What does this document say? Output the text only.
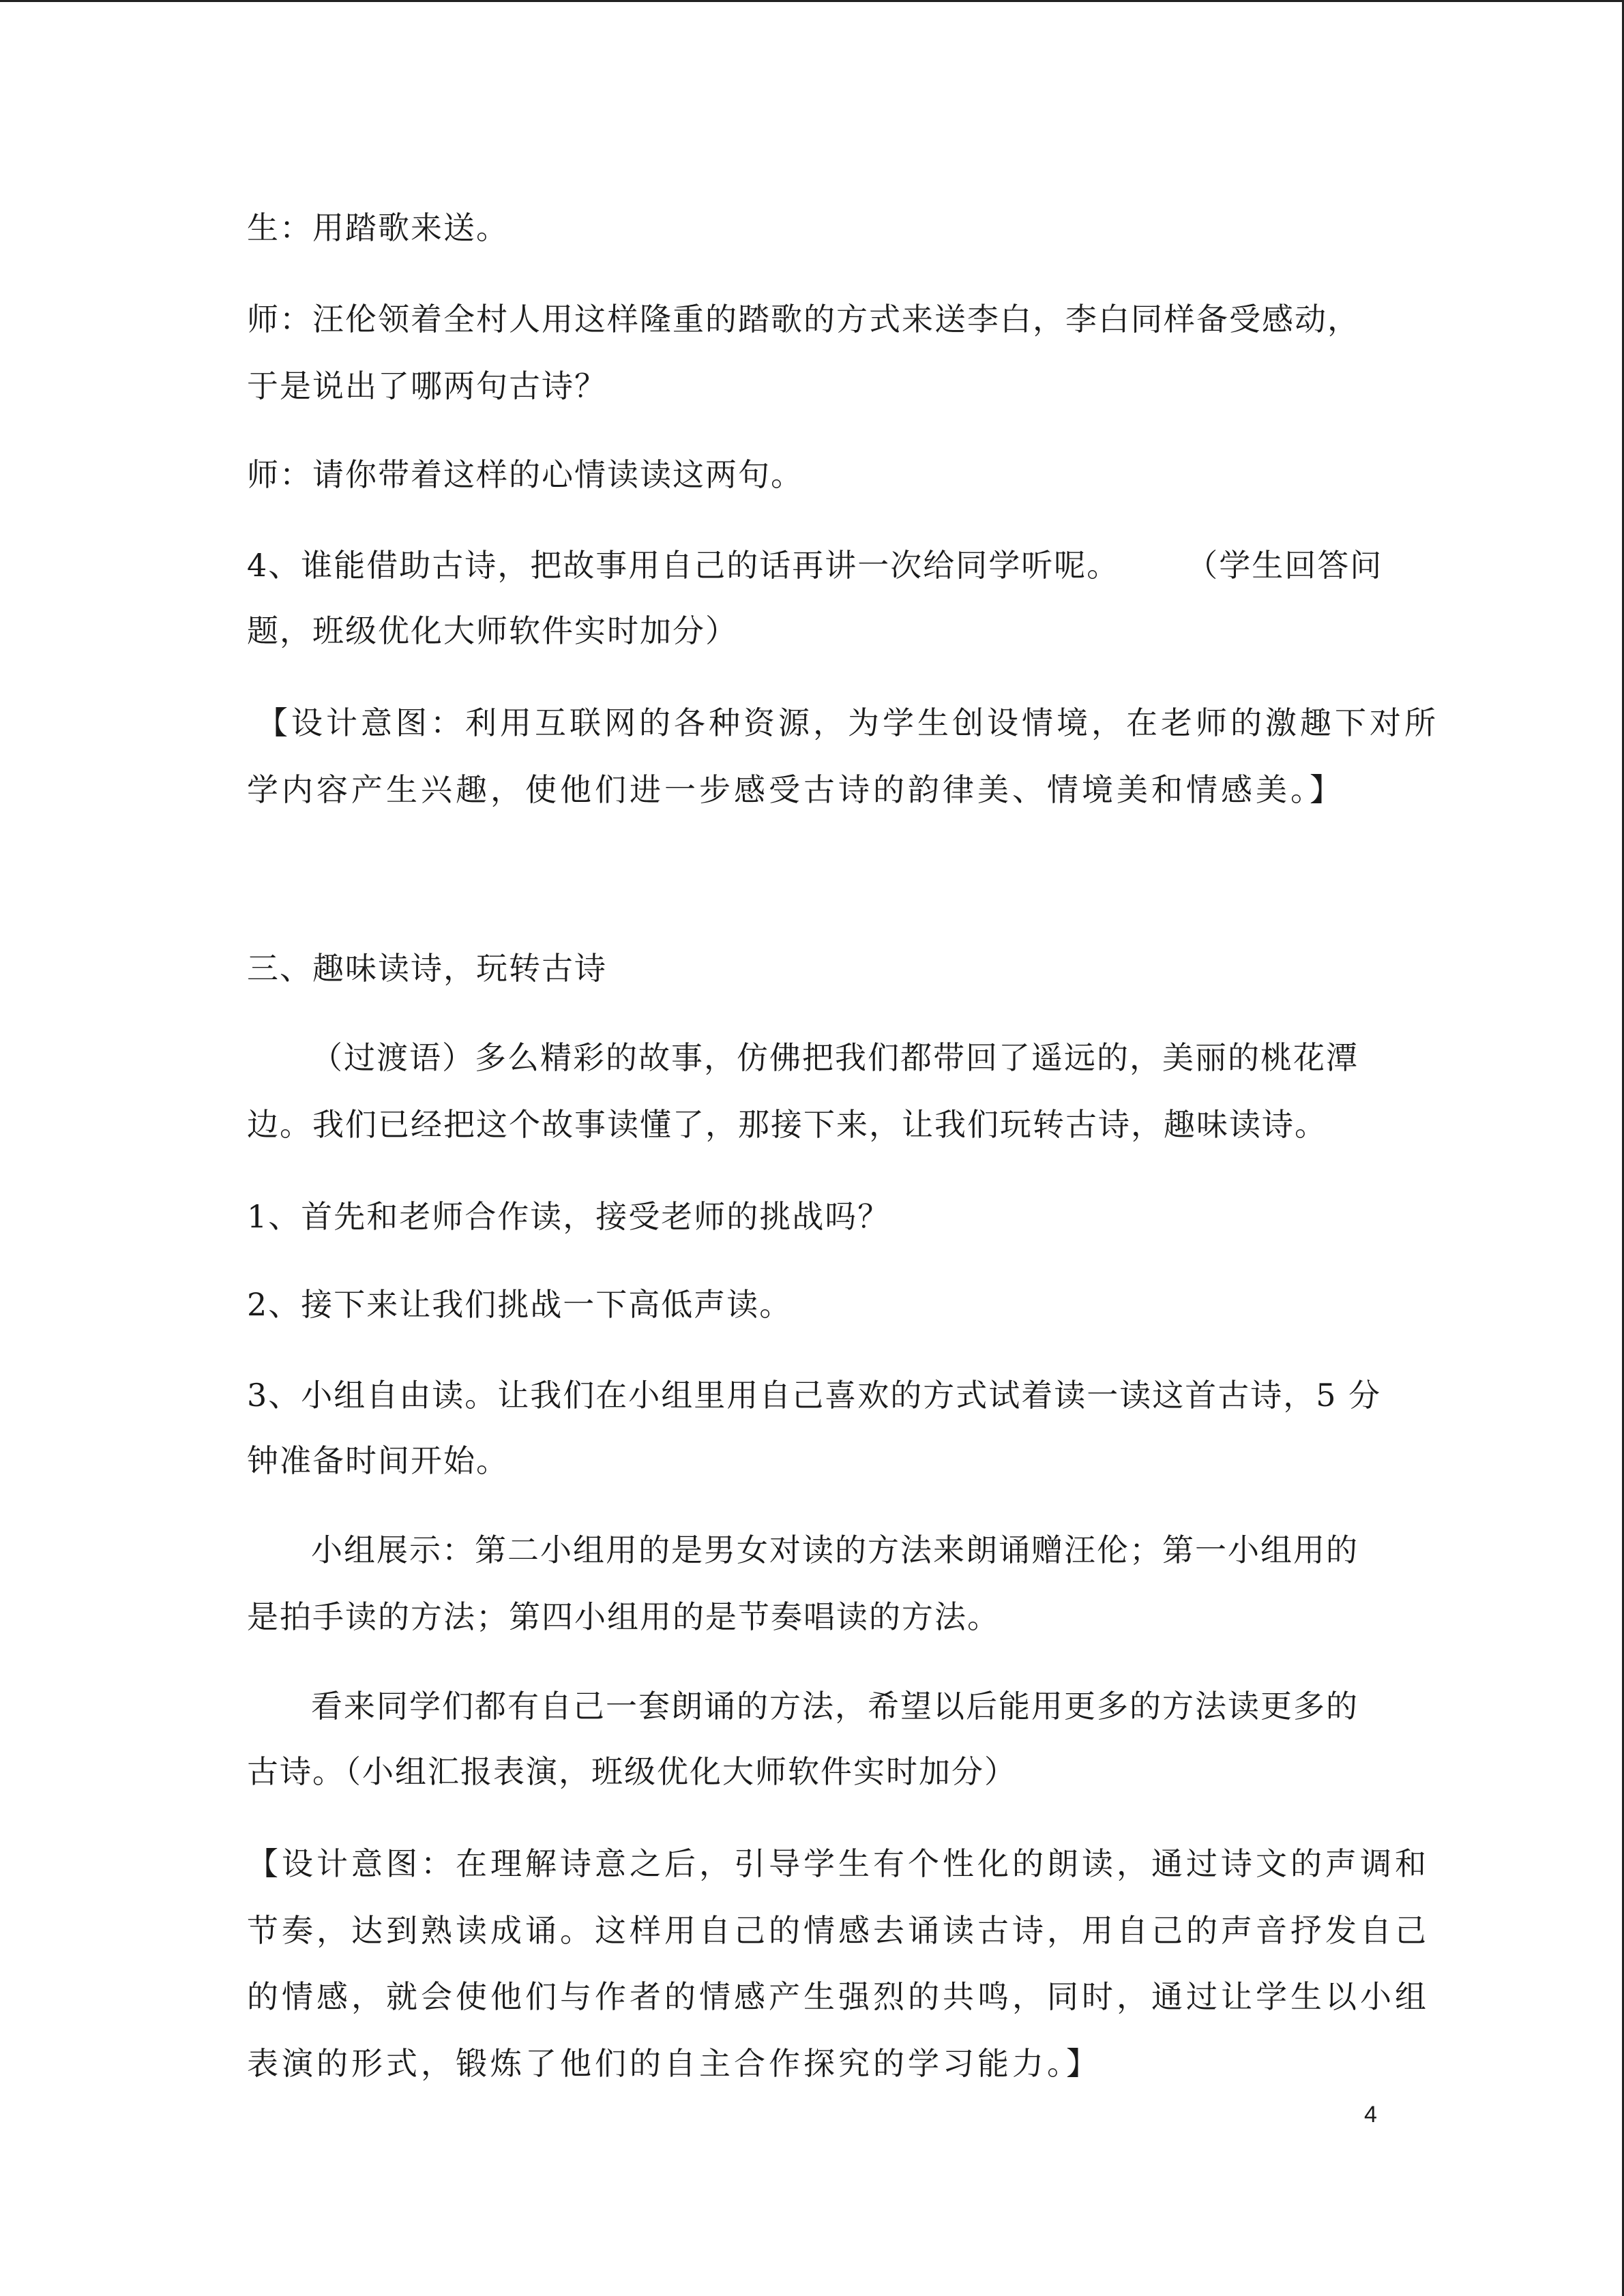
生：用踏歌来送。
师：汪伦领着全村人用这样隆重的踏歌的方式来送李白，李白同样备受感动，
于是说出了哪两句古诗？
师：请你带着这样的心情读读这两句。
4、谁能借助古诗，把故事用自己的话再讲一次给同学听呢。　　　（学生回答问
题，班级优化大师软件实时加分）
【设计意图：利用互联网的各种资源，为学生创设情境，在老师的激趣下对所
学内容产生兴趣，使他们进一步感受古诗的韵律美、情境美和情感美。】
三、趣味读诗，玩转古诗
（过渡语）多么精彩的故事，仿佛把我们都带回了遥远的，美丽的桃花潭
边。我们已经把这个故事读懂了，那接下来，让我们玩转古诗，趣味读诗。
1、首先和老师合作读，接受老师的挑战吗？
2、接下来让我们挑战一下高低声读。
3、小组自由读。让我们在小组里用自己喜欢的方式试着读一读这首古诗，5 分
钟准备时间开始。
小组展示：第二小组用的是男女对读的方法来朗诵赠汪伦；第一小组用的
是拍手读的方法；第四小组用的是节奏唱读的方法。
看来同学们都有自己一套朗诵的方法，希望以后能用更多的方法读更多的
古诗。（小组汇报表演，班级优化大师软件实时加分）
【设计意图：在理解诗意之后，引导学生有个性化的朗读，通过诗文的声调和
节奏，达到熟读成诵。这样用自己的情感去诵读古诗，用自己的声音抒发自己
的情感，就会使他们与作者的情感产生强烈的共鸣，同时，通过让学生以小组
表演的形式，锻炼了他们的自主合作探究的学习能力。】
4
